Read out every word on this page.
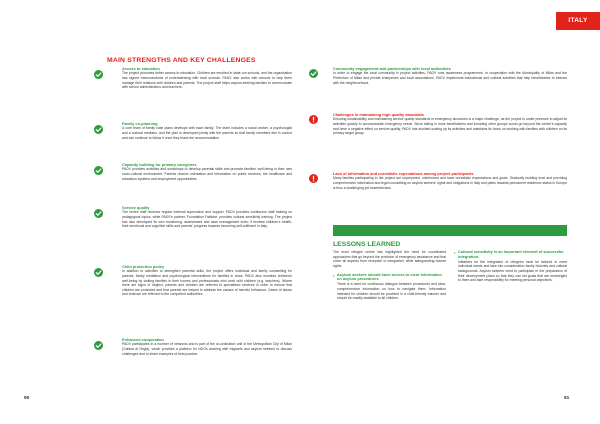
MAIN STRENGTHS AND KEY CHALLENGES
Access to education
The project promotes better access to education. Children are enrolled in state-run schools, and the organisation has signed memorandums of understanding with local schools. PADV also works with schools to help them manage their relations with children and parents. The project staff helps asylum-seeking families to communicate with school administrators and teachers.
Family co-planning
A core team of family case plans develops with each family. The team includes a social worker, a psychologist and a cultural mediator, and the plan is developed jointly with the parents so that family members feel in control and can continue to follow it once they leave the accommodation.
Capacity building for primary caregivers
PADV provides activities and workshops to develop parental skills and promote families' well-being in their new socio-cultural environment. Parents receive orientation and information on public services, the healthcare and education systems and employment opportunities.
Service quality
The centre staff receives regular external supervision and support. PADV provides continuous staff training on pedagogical topics, while PADV's partner, Foundation Fattiché, provides cultural sensitivity training. The project has also developed its own monitoring, assessment and case management tools; it reviews children's health, their emotional and cognitive skills and parents' progress towards becoming self-sufficient in Italy.
Child protection policy
In addition to activities to strengthen parental skills, the project offers individual and family counselling for parents, family mediation and psychological interventions for families in crisis. PADV also monitors children's well-being by visiting families in their homes and professionals who work with children (e.g. teachers). Where there are signs of neglect, parents and children are referred to specialised services in order to ensure that children are protected and that parents are helped to address the causes of harmful behaviour. Cases of abuse and violence are referred to the competent authorities.
Enhanced cooperation
PADV participates in a number of networks and is part of the co-ordination unit of the Metropolitan City of Milan (Cabina di Regia), which provides a platform for NGOs working with migrants and asylum seekers to discuss challenges and to share examples of best practice.
90
ITALY
Community engagement and partnerships with local authorities
In order to engage the local community in project activities, PADV runs awareness programmes. In cooperation with the Municipality of Milan and the Prefecture of Milan and private enterprises and local associations, PADV implements educational and cultural activities that help beneficiaries to interact with the neighbourhood.
Challenges in maintaining high quality standards
Ensuring sustainability and maintaining service quality standards in emergency structures is a major challenge, as the project is under pressure to adjust its activities quickly to accommodate emergency needs. Since taking in more beneficiaries and including other groups would go beyond the centre's capacity and have a negative effect on service quality, PADV has avoided scaling up its activities and maintains its focus on working with families with children on its primary target group.
Lack of information and unrealistic expectations among project participants
Many families participating in the project are unprepared, uninformed and have unrealistic expectations and goals. Gradually building trust and providing comprehensive information and legal counselling on asylum seekers' rights and obligations in Italy and paths towards permanent residence status in Europe is thus a challenging yet essential task.
91
LESSONS LEARNED
The most refugee centre has highlighted the need for coordinated approaches that go beyond the provision of emergency assistance and that cover all aspects from reception to integration, while safeguarding human rights.
• Asylum seekers should have access to clear information on asylum procedures.
There is a need for continuous dialogue between procedures and clear, comprehensive information on how to navigate them. Information intended for children should be provided in a child-friendly manner and should be readily available to all children.
• Cultural sensitivity is an important element of successful integration.
Initiatives for the integration of refugees must be tailored to meet individual needs and take into consideration family histories and cultural backgrounds. Asylum seekers need to participate in the preparation of their development plans so that they can set goals that are meaningful to them and take responsibility for meeting personal objectives.
